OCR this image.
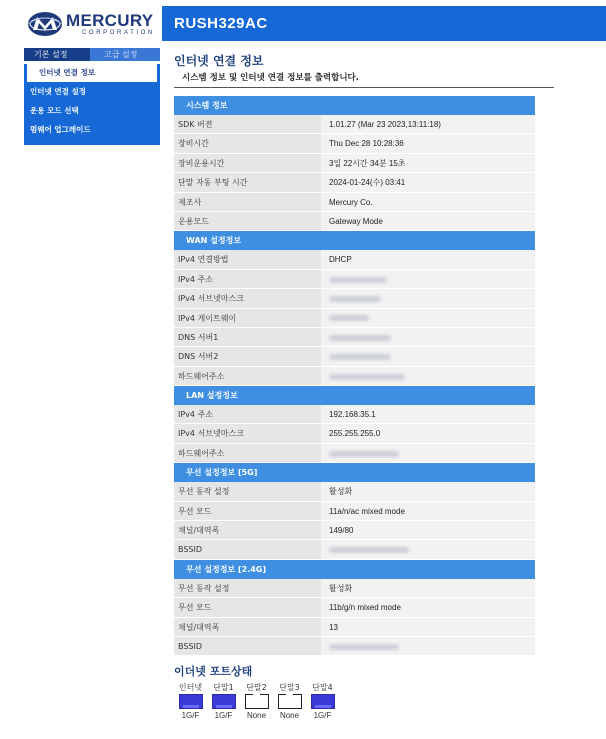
MERCURY
CORPORATION
RUSH329AC
기본 설정	고급 설정
인터넷 연결 정보
인터넷 연결 설정
운용 모드 선택
펌웨어 업그레이드
인터넷 연결 정보
시스템 정보 및 인터넷 연결 정보를 출력합니다.
시스템 정보
SDK 버전	1.01.27 (Mar 23 2023,13:11:18)
장비시간	Thu Dec 28 10:28:36
장비운용시간	3일 22시간 34분 15초
단말 자동 부팅 시간	2024-01-24(수) 03:41
제조사	Mercury Co.
운용모드	Gateway Mode
WAN 설정정보
IPv4 연결방법	DHCP
IPv4 주소
IPv4 서브넷마스크
IPv4 게이트웨이
DNS 서버1
DNS 서버2
하드웨어주소
LAN 설정정보
IPv4 주소	192.168.35.1
IPv4 서브넷마스크	255.255.255.0
하드웨어주소
무선 설정정보 [5G]
무선 동작 설정	활성화
무선 모드	11a/n/ac mixed mode
채널/대역폭	149/80
BSSID
무선 설정정보 [2.4G]
무선 동작 설정	활성화
무선 모드	11b/g/n mixed mode
채널/대역폭	13
BSSID
이더넷 포트상태
인터넷
1G/F
단말1
1G/F
단말2
None
단말3
None
단말4
1G/F
